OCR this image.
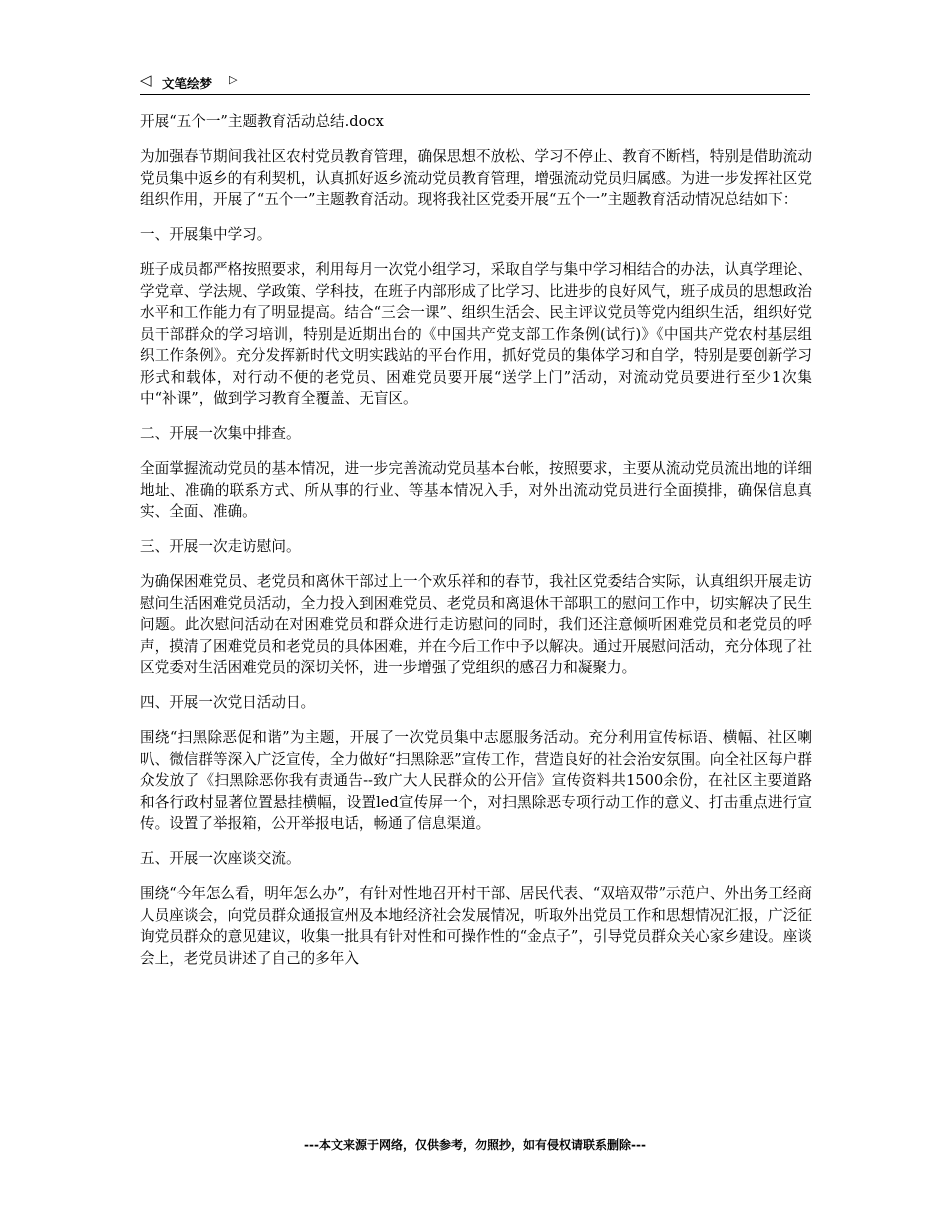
◁ 文笔绘梦 ▷

开展“五个一”主题教育活动总结.docx

为加强春节期间我社区农村党员教育管理，确保思想不放松、学习不停止、教育不断档，特别是借助流动党员集中返乡的有利契机，认真抓好返乡流动党员教育管理，增强流动党员归属感。为进一步发挥社区党组织作用，开展了“五个一”主题教育活动。现将我社区党委开展“五个一”主题教育活动情况总结如下：

一、开展集中学习。

班子成员都严格按照要求，利用每月一次党小组学习，采取自学与集中学习相结合的办法，认真学理论、学党章、学法规、学政策、学科技，在班子内部形成了比学习、比进步的良好风气，班子成员的思想政治水平和工作能力有了明显提高。结合“三会一课”、组织生活会、民主评议党员等党内组织生活，组织好党员干部群众的学习培训，特别是近期出台的《中国共产党支部工作条例(试行)》《中国共产党农村基层组织工作条例》。充分发挥新时代文明实践站的平台作用，抓好党员的集体学习和自学，特别是要创新学习形式和载体，对行动不便的老党员、困难党员要开展“送学上门”活动，对流动党员要进行至少1次集中“补课”，做到学习教育全覆盖、无盲区。

二、开展一次集中排查。

全面掌握流动党员的基本情况，进一步完善流动党员基本台帐，按照要求，主要从流动党员流出地的详细地址、准确的联系方式、所从事的行业、等基本情况入手，对外出流动党员进行全面摸排，确保信息真实、全面、准确。

三、开展一次走访慰问。

为确保困难党员、老党员和离休干部过上一个欢乐祥和的春节，我社区党委结合实际，认真组织开展走访慰问生活困难党员活动，全力投入到困难党员、老党员和离退休干部职工的慰问工作中，切实解决了民生问题。此次慰问活动在对困难党员和群众进行走访慰问的同时，我们还注意倾听困难党员和老党员的呼声，摸清了困难党员和老党员的具体困难，并在今后工作中予以解决。通过开展慰问活动，充分体现了社区党委对生活困难党员的深切关怀，进一步增强了党组织的感召力和凝聚力。

四、开展一次党日活动日。

围绕“扫黑除恶促和谐”为主题，开展了一次党员集中志愿服务活动。充分利用宣传标语、横幅、社区喇叭、微信群等深入广泛宣传，全力做好“扫黑除恶”宣传工作，营造良好的社会治安氛围。向全社区每户群众发放了《扫黑除恶你我有责通告--致广大人民群众的公开信》宣传资料共1500余份，在社区主要道路和各行政村显著位置悬挂横幅，设置led宣传屏一个，对扫黑除恶专项行动工作的意义、打击重点进行宣传。设置了举报箱，公开举报电话，畅通了信息渠道。

五、开展一次座谈交流。

围绕“今年怎么看，明年怎么办”，有针对性地召开村干部、居民代表、“双培双带”示范户、外出务工经商人员座谈会，向党员群众通报宣州及本地经济社会发展情况，听取外出党员工作和思想情况汇报，广泛征询党员群众的意见建议，收集一批具有针对性和可操作性的“金点子”，引导党员群众关心家乡建设。座谈会上，老党员讲述了自己的多年入

---本文来源于网络，仅供参考，勿照抄，如有侵权请联系删除---
